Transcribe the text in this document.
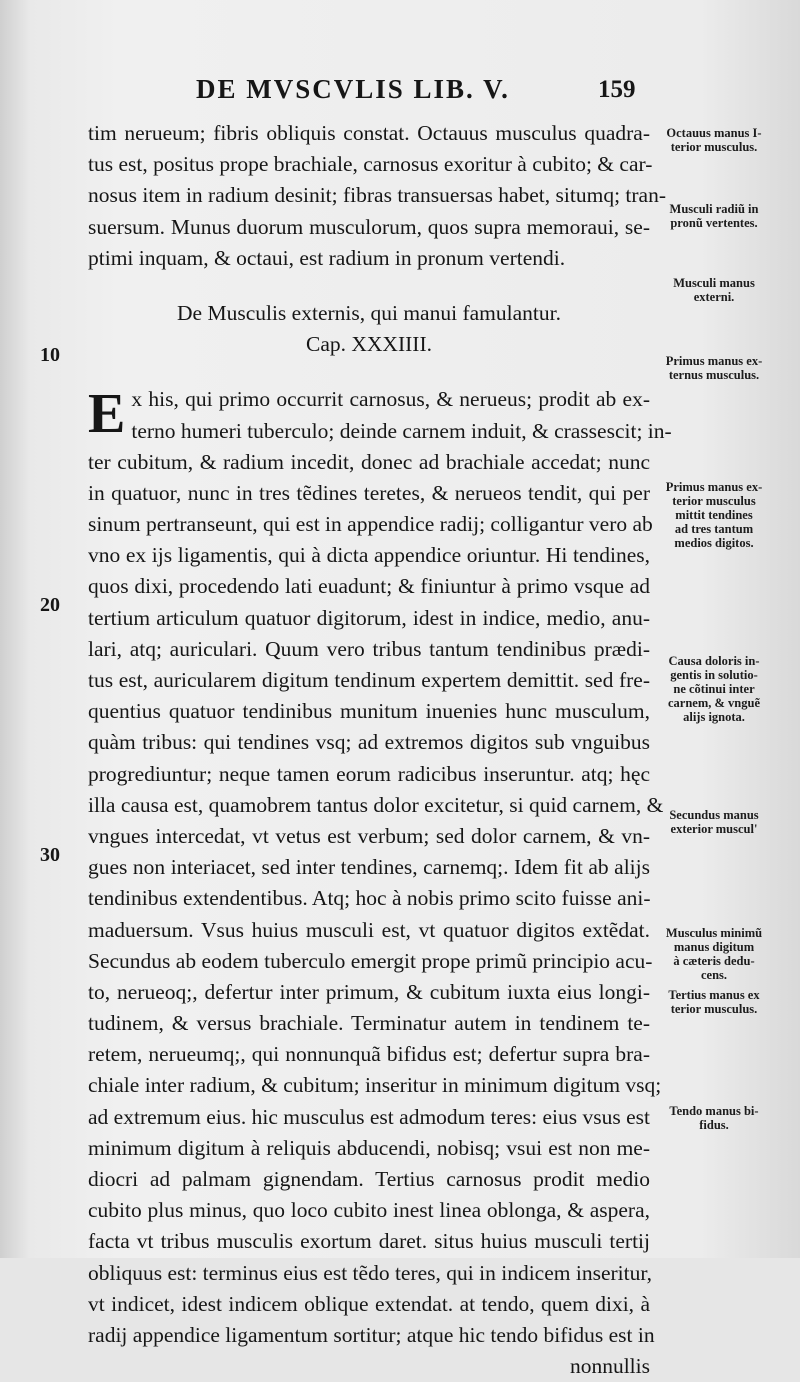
DE MVSCVLIS LIB. V.	159
tim nerueum; fibris obliquis constat. Octauus musculus quadra-
tus est, positus prope brachiale, carnosus exoritur à cubito; & car-
nosus item in radium desinit; fibras transuersas habet, situmq; tran-
suersum. Munus duorum musculorum, quos supra memoraui, se-
ptimi inquam, & octaui, est radium in pronum vertendi.
De Musculis externis, qui manui famulantur.
Cap. XXXIIII.
E x his, qui primo occurrit carnosus, & nerueus; prodit ab ex-
terno humeri tuberculo; deinde carnem induit, & crassescit; in-
ter cubitum, & radium incedit, donec ad brachiale accedat; nunc
in quatuor, nunc in tres tẽdines teretes, & nerueos tendit, qui per
sinum pertranseunt, qui est in appendice radij; colligantur vero ab
vno ex ijs ligamentis, qui à dicta appendice oriuntur. Hi tendines,
quos dixi, procedendo lati euadunt; & finiuntur à primo vsque ad
tertium articulum quatuor digitorum, idest in indice, medio, anu-
lari, atq; auriculari. Quum vero tribus tantum tendinibus prædi-
tus est, auricularem digitum tendinum expertem demittit. sed fre-
quentius quatuor tendinibus munitum inuenies hunc musculum,
quàm tribus: qui tendines vsq; ad extremos digitos sub vnguibus
progrediuntur; neque tamen eorum radicibus inseruntur. atq; hęc
illa causa est, quamobrem tantus dolor excitetur, si quid carnem, &
vngues intercedat, vt vetus est verbum; sed dolor carnem, & vn-
gues non interiacet, sed inter tendines, carnemq;. Idem fit ab alijs
tendinibus extendentibus. Atq; hoc à nobis primo scito fuisse ani-
maduersum. Vsus huius musculi est, vt quatuor digitos extẽdat.
Secundus ab eodem tuberculo emergit prope primũ principio acu-
to, nerueoq;, defertur inter primum, & cubitum iuxta eius longi-
tudinem, & versus brachiale. Terminatur autem in tendinem te-
retem, nerueumq;, qui nonnunquã bifidus est; defertur supra bra-
chiale inter radium, & cubitum; inseritur in minimum digitum vsq;
ad extremum eius. hic musculus est admodum teres: eius vsus est
minimum digitum à reliquis abducendi, nobisq; vsui est non me-
diocri ad palmam gignendam. Tertius carnosus prodit medio
cubito plus minus, quo loco cubito inest linea oblonga, & aspera,
facta vt tribus musculis exortum daret. situs huius musculi tertij
obliquus est: terminus eius est tẽdo teres, qui in indicem inseritur,
vt indicet, idest indicem oblique extendat. at tendo, quem dixi, à
radij appendice ligamentum sortitur; atque hic tendo bifidus est in
nonnullis
10
20
30
Octauus manus I-
terior musculus.
Musculi radiũ in
pronũ vertentes.
Musculi manus
externi.
Primus manus ex-
ternus musculus.
Primus manus ex-
terior musculus
mittit tendines
ad tres tantum
medios digitos.
Causa doloris in-
gentis in solutio-
ne cõtinui inter
carnem, & vnguẽ
alijs ignota.
Secundus manus
exterior muscul'
Musculus minimũ
manus digitum
à cæteris dedu-
cens.
Tertius manus ex
terior musculus.
Tendo manus bi-
fidus.
